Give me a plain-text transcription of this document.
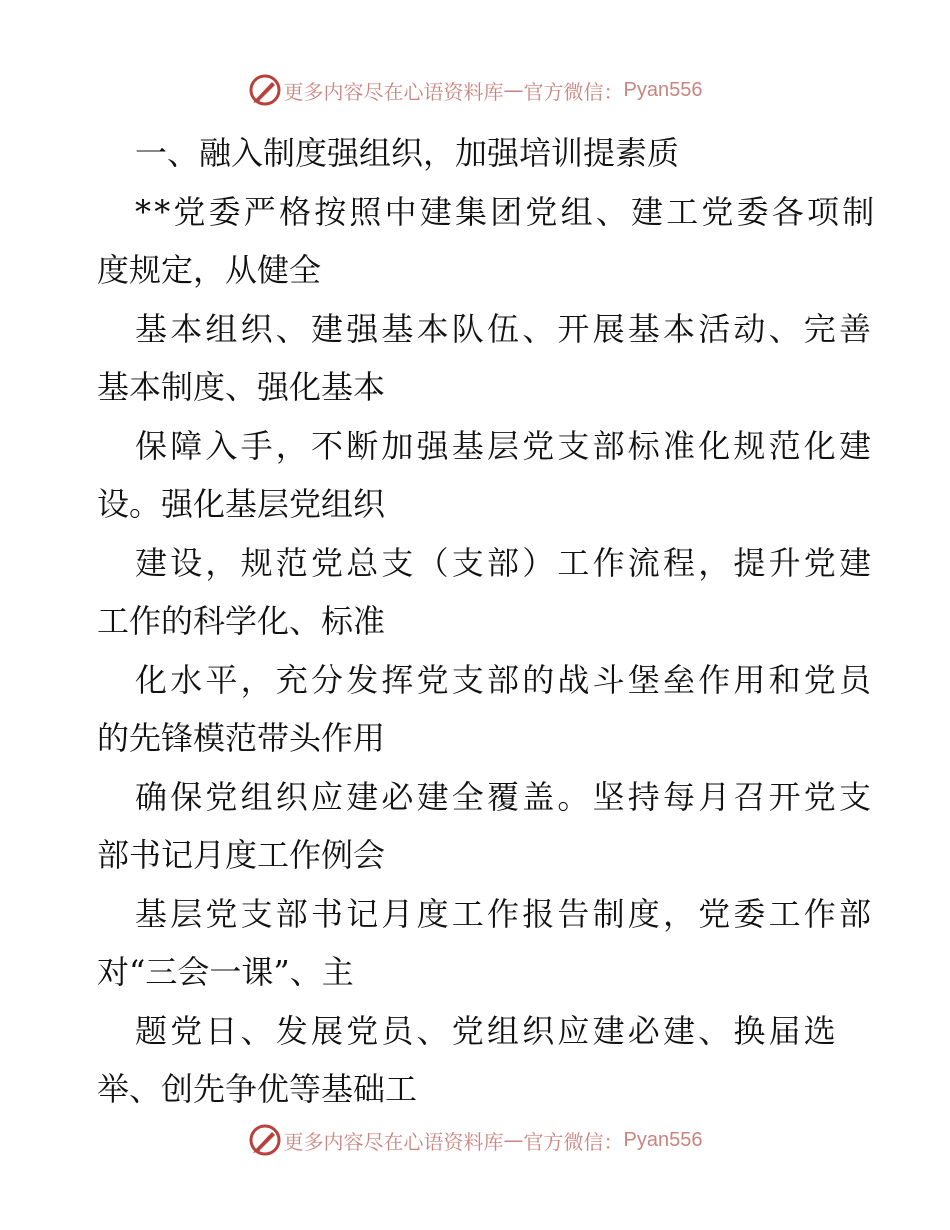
更多内容尽在心语资料库 — 官方微信： Pyan556
一、融入制度强组织，加强培训提素质
**党委严格按照中建集团党组、建工党委各项制
度规定，从健全
基本组织、建强基本队伍、开展基本活动、完善
基本制度、强化基本
保障入手，不断加强基层党支部标准化规范化建
设。强化基层党组织
建设，规范党总支（支部）工作流程，提升党建
工作的科学化、标准
化水平，充分发挥党支部的战斗堡垒作用和党员
的先锋模范带头作用
确保党组织应建必建全覆盖。坚持每月召开党支
部书记月度工作例会
基层党支部书记月度工作报告制度，党委工作部
对“三会一课”、主
题党日、发展党员、党组织应建必建、换届选
举、创先争优等基础工
更多内容尽在心语资料库 — 官方微信： Pyan556
